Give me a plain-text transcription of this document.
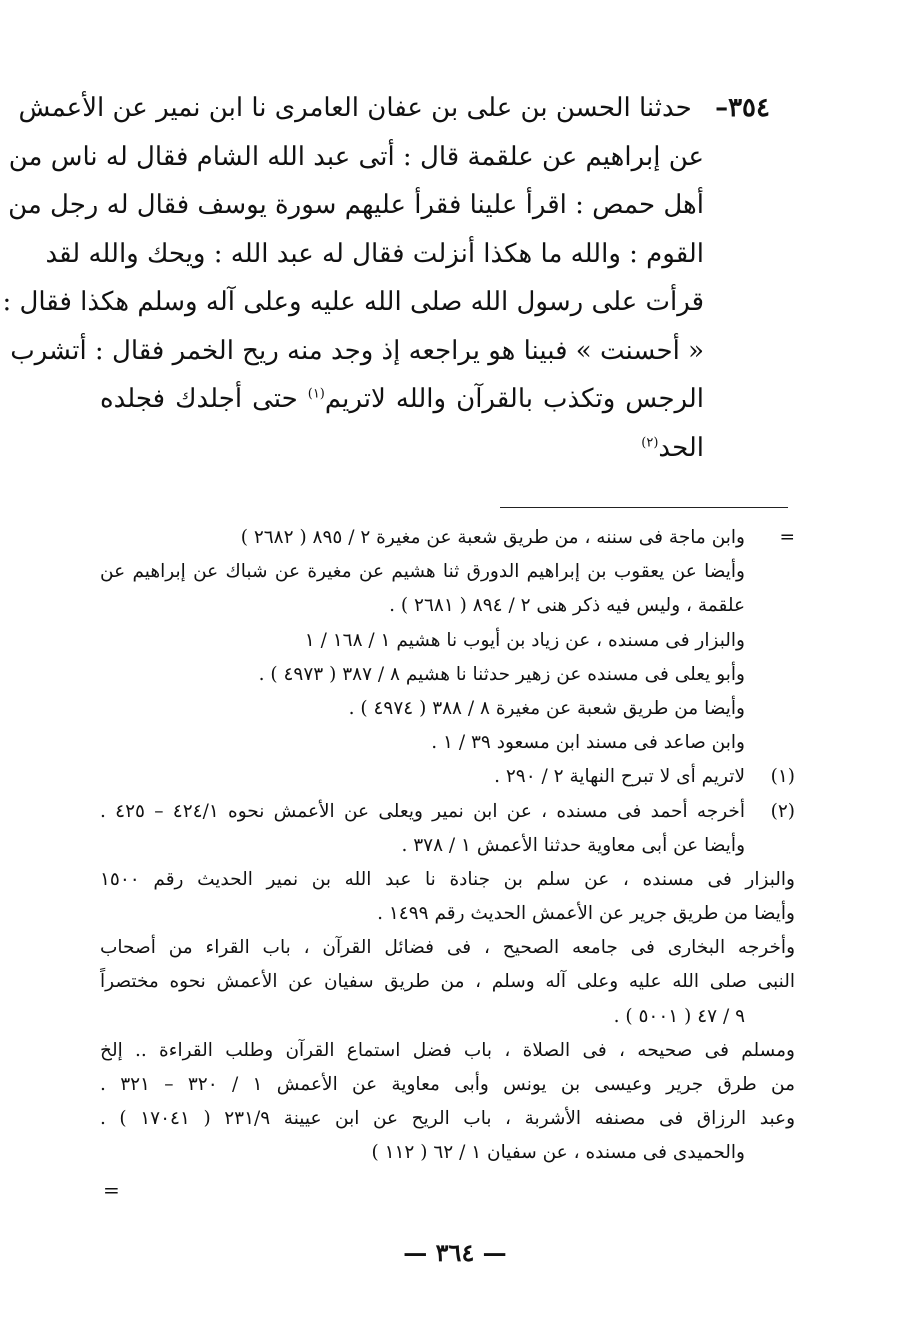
٣٥٤– حدثنا الحسن بن على بن عفان العامرى نا ابن نمير عن الأعمش
عن إبراهيم عن علقمة قال : أتى عبد الله الشام فقال له ناس من
أهل حمص : اقرأ علينا فقرأ عليهم سورة يوسف فقال له رجل من
القوم : والله ما هكذا أنزلت فقال له عبد الله : ويحك والله لقد
قرأت على رسول الله صلى الله عليه وعلى آله وسلم هكذا فقال :
« أحسنت » فبينا هو يراجعه إذ وجد منه ريح الخمر فقال : أتشرب
الرجس وتكذب بالقرآن والله لاتريم$^{(١)}$ حتى أجلدك فجلده
الحد$^{(٢)}$
=
وابن ماجة فى سننه ، من طريق شعبة عن مغيرة ٢ / ٨٩٥ ( ٢٦٨٢ )
وأيضا عن يعقوب بن إبراهيم الدورق ثنا هشيم عن مغيرة عن شباك عن إبراهيم عن
علقمة ، وليس فيه ذكر هنى ٢ / ٨٩٤ ( ٢٦٨١ ) .
والبزار فى مسنده ، عن زياد بن أيوب نا هشيم ١ / ١٦٨ / ١
وأبو يعلى فى مسنده عن زهير حدثنا نا هشيم ٨ / ٣٨٧ ( ٤٩٧٣ ) .
وأيضا من طريق شعبة عن مغيرة ٨ / ٣٨٨ ( ٤٩٧٤ ) .
وابن صاعد فى مسند ابن مسعود ٣٩ / ١ .
(١)
لاتريم أى لا تبرح النهاية ٢ / ٢٩٠ .
(٢)
أخرجه أحمد فى مسنده ، عن ابن نمير ويعلى عن الأعمش نحوه ٤٢٤/١ – ٤٢٥ .
وأيضا عن أبى معاوية حدثنا الأعمش ١ / ٣٧٨ .
والبزار فى مسنده ، عن سلم بن جنادة نا عبد الله بن نمير الحديث رقم ١٥٠٠
وأيضا من طريق جرير عن الأعمش الحديث رقم ١٤٩٩ .
وأخرجه البخارى فى جامعه الصحيح ، فى فضائل القرآن ، باب القراء من أصحاب
النبى صلى الله عليه وعلى آله وسلم ، من طريق سفيان عن الأعمش نحوه مختصراً
٩ / ٤٧ ( ٥٠٠١ ) .
ومسلم فى صحيحه ، فى الصلاة ، باب فضل استماع القرآن وطلب القراءة .. إلخ
من طرق جرير وعيسى بن يونس وأبى معاوية عن الأعمش ١ / ٣٢٠ – ٣٢١ .
وعبد الرزاق فى مصنفه الأشربة ، باب الريح عن ابن عيينة ٢٣١/٩ ( ١٧٠٤١ ) .
والحميدى فى مسنده ، عن سفيان ١ / ٦٢ ( ١١٢ )
=
— ٣٦٤ —
